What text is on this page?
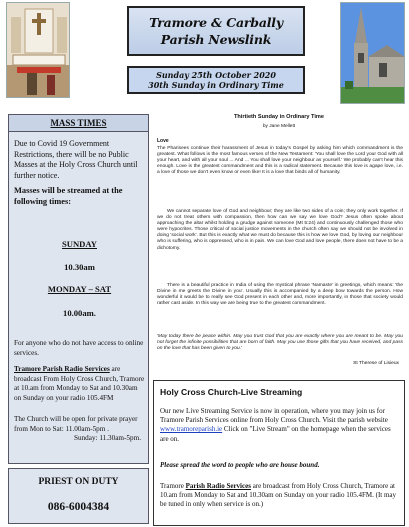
Tramore & Carbally
Parish Newslink
Sunday 25th October 2020
30th Sunday in Ordinary Time
MASS TIMES

Due to Covid 19 Government Restrictions, there will be no Public Masses at the Holy Cross Church until further notice.

Masses will be streamed at the following times:

SUNDAY

10.30am

MONDAY – SAT

10.00am.

For anyone who do not have access to online services.

Tramore Parish Radio Services are broadcast From Holy Cross Church, Tramore at 10.am from Monday to Sat and 10.30am on Sunday on your radio 105.4FM

The Church will be open for private prayer from Mon to Sat: 11.00am-5pm .

Sunday: 11.30am-5pm.

PRIEST ON DUTY
086-6004384
Thirtieth Sunday in Ordinary Time
by Jane Mellett
Love

The Pharisees continue their harassment of Jesus in today's Gospel by asking him which commandment is the greatest. What follows is the most famous verses of the New Testament: 'You shall love the Lord your God with all your heart, and with all your soul ... And ... You shall love your neighbour as yourself.' We probably can't hear this enough. Love is the greatest commandment and this is a radical statement. Because this love is agape love, i.e. a love of those we don't even know or even like! It is a love that binds all of humanity.

We cannot separate love of God and neighbour; they are like two sides of a coin; they only work together. If we do not treat others with compassion, then how can we say we love God? Jesus often spoke about approaching the altar whilst holding a grudge against someone (Mt 5:24) and continuously challenged those who were hypocrites. Those critical of social justice movements in the church often say we should not be involved in doing 'social work'. But this is exactly what we must do because this is how we love God, by loving our neighbour who is suffering, who is oppressed, who is in pain. We can love God and love people, there does not have to be a dichotomy.

There is a beautiful practice in India of using the mystical phrase 'Namaste' in greetings, which means: 'the Divine in me greets the Divine in you'. Usually this is accompanied by a deep bow towards the person. How wonderful it would be to really see God present in each other and, more importantly, in those that society would rather cast aside. In this way we are being true to the greatest commandment.

'May today there be peace within. May you trust God that you are exactly where you are meant to be. May you not forget the infinite possibilities that are born of faith. May you use those gifts that you have received, and pass on the love that has been given to you.'

St Therese of Lisieux
Holy Cross Church-Live Streaming

Our new Live Streaming Service is now in operation, where you may join us for Tramore Parish Services online from Holy Cross Church. Visit the parish website www.tramoreparish.ie Click on "Live Stream" on the homepage when the services are on.

Please spread the word to people who are house bound.

Tramore Parish Radio Services are broadcast from Holy Cross Church, Tramore at 10.am from Monday to Sat and 10.30am on Sunday on your radio 105.4FM. (It may be tuned in only when service is on.)
